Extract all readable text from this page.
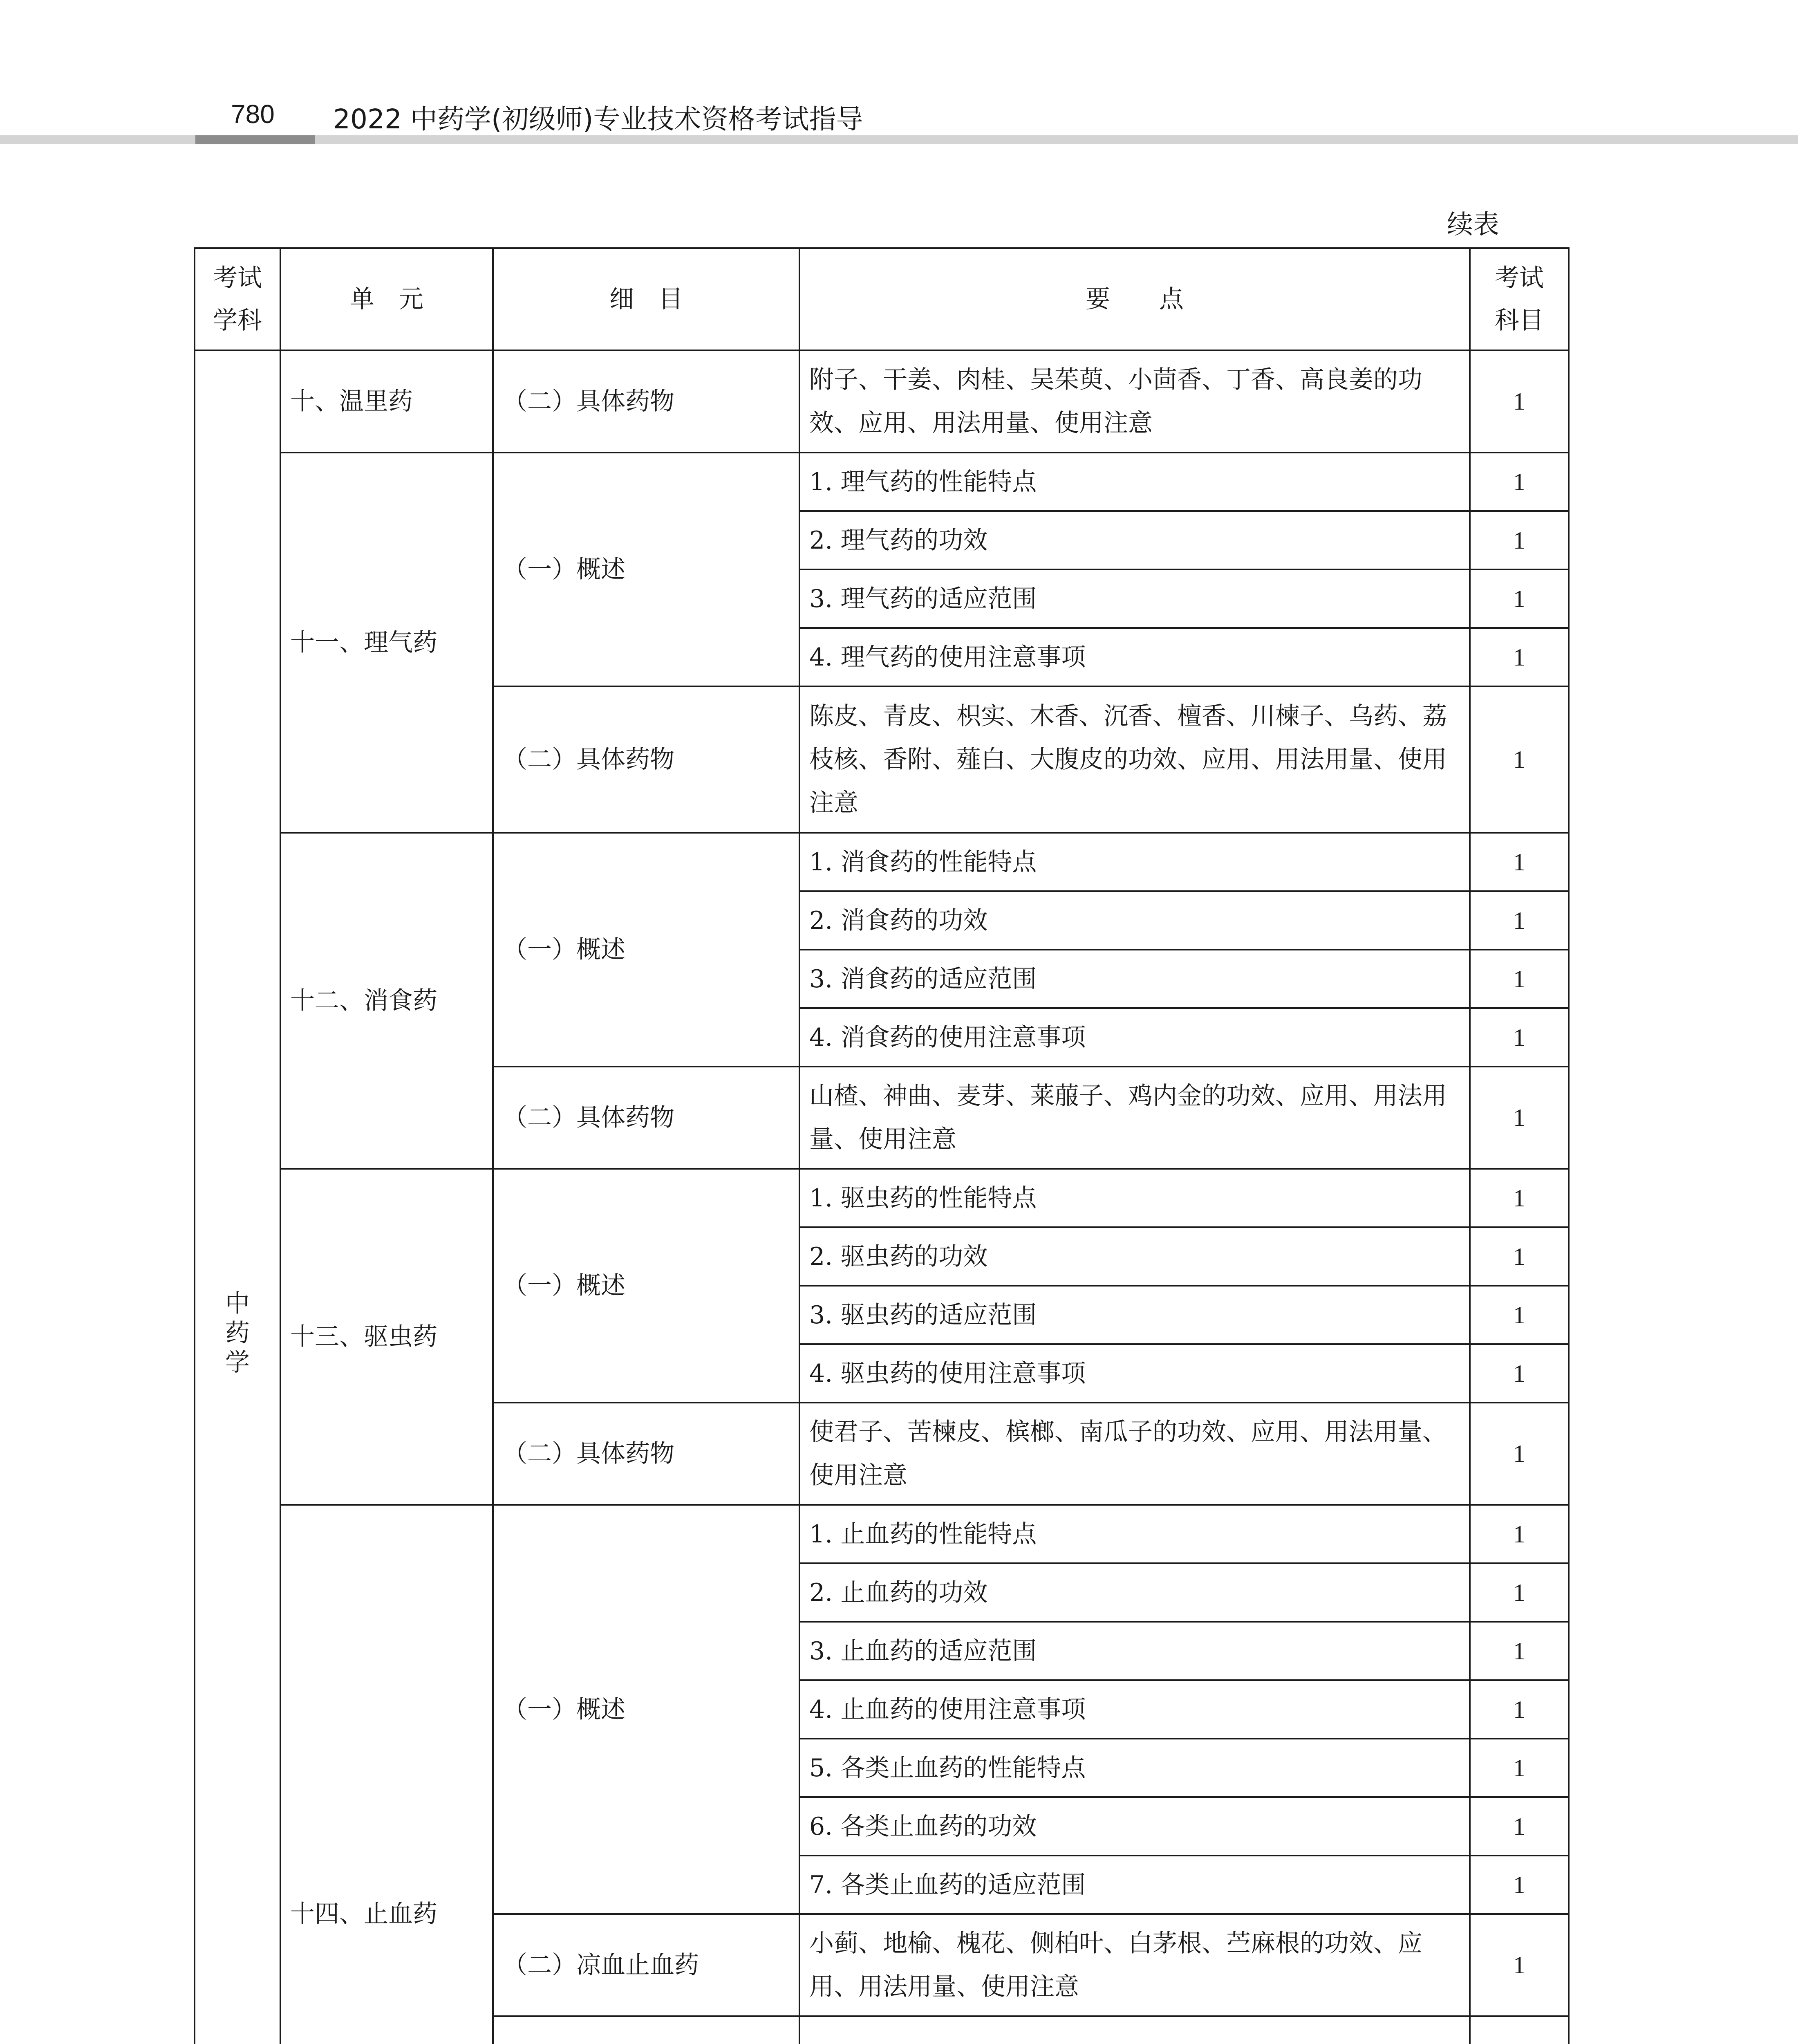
780 2022 中药学(初级师)专业技术资格考试指导
续表
考试学科	单　元	细　目	要　　点	考试科目
中药学	十、温里药	（二）具体药物	附子、干姜、肉桂、吴茱萸、小茴香、丁香、高良姜的功效、应用、用法用量、使用注意	1
	十一、理气药	（一）概述	1. 理气药的性能特点	1
			2. 理气药的功效	1
			3. 理气药的适应范围	1
			4. 理气药的使用注意事项	1
		（二）具体药物	陈皮、青皮、枳实、木香、沉香、檀香、川楝子、乌药、荔枝核、香附、薤白、大腹皮的功效、应用、用法用量、使用注意	1
	十二、消食药	（一）概述	1. 消食药的性能特点	1
			2. 消食药的功效	1
			3. 消食药的适应范围	1
			4. 消食药的使用注意事项	1
		（二）具体药物	山楂、神曲、麦芽、莱菔子、鸡内金的功效、应用、用法用量、使用注意	1
	十三、驱虫药	（一）概述	1. 驱虫药的性能特点	1
			2. 驱虫药的功效	1
			3. 驱虫药的适应范围	1
			4. 驱虫药的使用注意事项	1
		（二）具体药物	使君子、苦楝皮、槟榔、南瓜子的功效、应用、用法用量、使用注意	1
	十四、止血药	（一）概述	1. 止血药的性能特点	1
			2. 止血药的功效	1
			3. 止血药的适应范围	1
			4. 止血药的使用注意事项	1
			5. 各类止血药的性能特点	1
			6. 各类止血药的功效	1
			7. 各类止血药的适应范围	1
		（二）凉血止血药	小蓟、地榆、槐花、侧柏叶、白茅根、苎麻根的功效、应用、用法用量、使用注意	1
